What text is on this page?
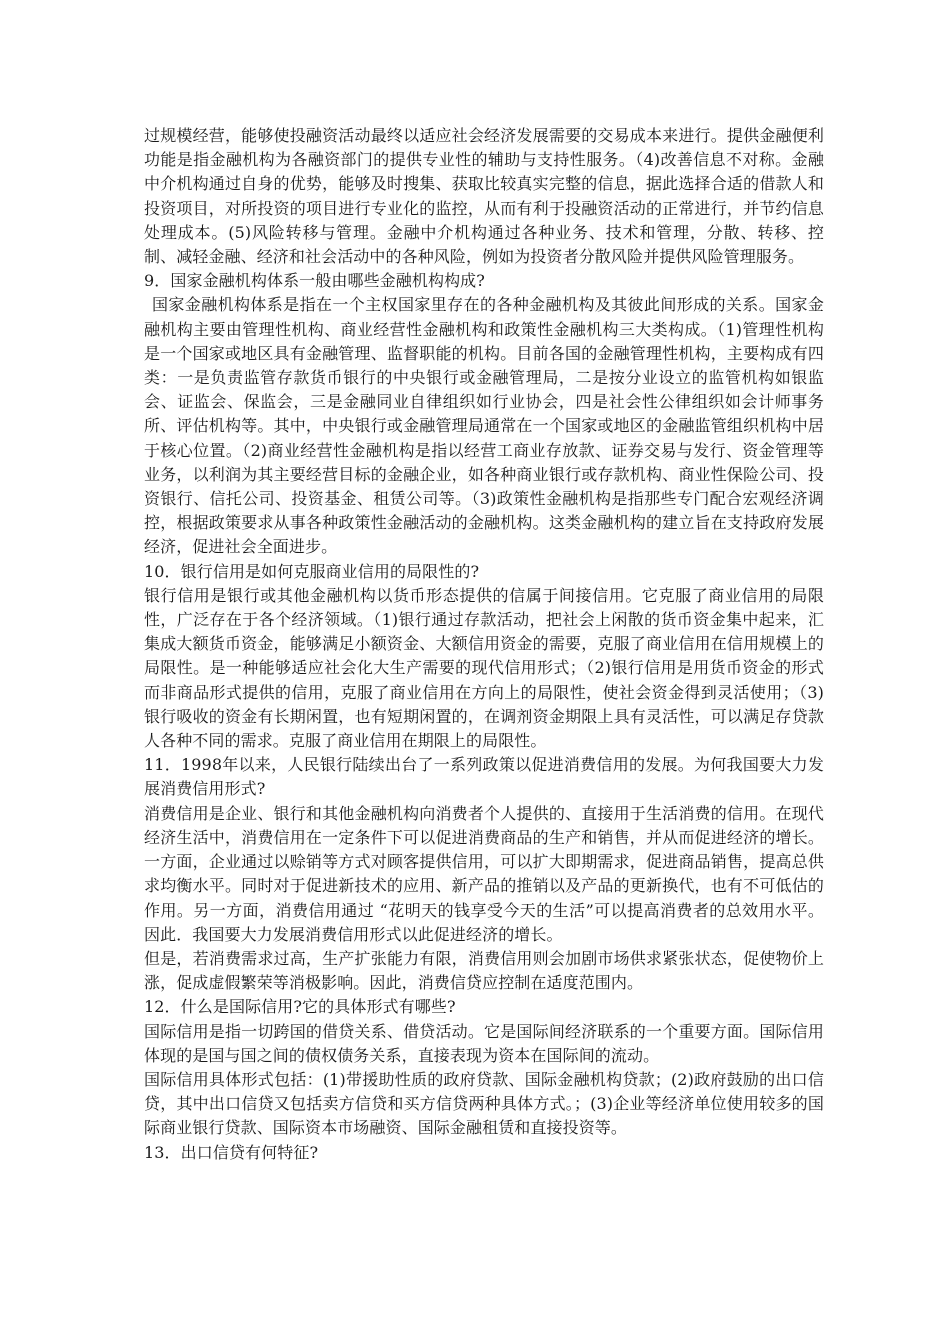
过规模经营，能够使投融资活动最终以适应社会经济发展需要的交易成本来进行。提供金融便利功能是指金融机构为各融资部门的提供专业性的辅助与支持性服务。（4)改善信息不对称。金融中介机构通过自身的优势，能够及时搜集、获取比较真实完整的信息，据此选择合适的借款人和投资项目，对所投资的项目进行专业化的监控，从而有利于投融资活动的正常进行，并节约信息处理成本。(5)风险转移与管理。金融中介机构通过各种业务、技术和管理，分散、转移、控制、减轻金融、经济和社会活动中的各种风险，例如为投资者分散风险并提供风险管理服务。

9．国家金融机构体系一般由哪些金融机构构成?

国家金融机构体系是指在一个主权国家里存在的各种金融机构及其彼此间形成的关系。国家金融机构主要由管理性机构、商业经营性金融机构和政策性金融机构三大类构成。（1)管理性机构是一个国家或地区具有金融管理、监督职能的机构。目前各国的金融管理性机构，主要构成有四类：一是负责监管存款货币银行的中央银行或金融管理局，二是按分业设立的监管机构如银监会、证监会、保监会，三是金融同业自律组织如行业协会，四是社会性公律组织如会计师事务所、评估机构等。其中，中央银行或金融管理局通常在一个国家或地区的金融监管组织机构中居于核心位置。（2)商业经营性金融机构是指以经营工商业存放款、证券交易与发行、资金管理等业务，以利润为其主要经营目标的金融企业，如各种商业银行或存款机构、商业性保险公司、投资银行、信托公司、投资基金、租赁公司等。（3)政策性金融机构是指那些专门配合宏观经济调控，根据政策要求从事各种政策性金融活动的金融机构。这类金融机构的建立旨在支持政府发展经济，促进社会全面进步。

10．银行信用是如何克服商业信用的局限性的?

银行信用是银行或其他金融机构以货币形态提供的信属于间接信用。它克服了商业信用的局限性，广泛存在于各个经济领域。（1)银行通过存款活动，把社会上闲散的货币资金集中起来，汇集成大额货币资金，能够满足小额资金、大额信用资金的需要，克服了商业信用在信用规模上的局限性。是一种能够适应社会化大生产需要的现代信用形式；（2)银行信用是用货币资金的形式而非商品形式提供的信用，克服了商业信用在方向上的局限性，使社会资金得到灵活使用；（3)银行吸收的资金有长期闲置，也有短期闲置的，在调剂资金期限上具有灵活性，可以满足存贷款人各种不同的需求。克服了商业信用在期限上的局限性。

11．1998年以来，人民银行陆续出台了一系列政策以促进消费信用的发展。为何我国要大力发展消费信用形式?

消费信用是企业、银行和其他金融机构向消费者个人提供的、直接用于生活消费的信用。在现代经济生活中，消费信用在一定条件下可以促进消费商品的生产和销售，并从而促进经济的增长。一方面，企业通过以赊销等方式对顾客提供信用，可以扩大即期需求，促进商品销售，提高总供求均衡水平。同时对于促进新技术的应用、新产品的推销以及产品的更新换代，也有不可低估的作用。另一方面，消费信用通过 “花明天的钱享受今天的生活”可以提高消费者的总效用水平。因此．我国要大力发展消费信用形式以此促进经济的增长。

但是，若消费需求过高，生产扩张能力有限，消费信用则会加剧市场供求紧张状态，促使物价上涨，促成虚假繁荣等消极影响。因此，消费信贷应控制在适度范围内。

12．什么是国际信用?它的具体形式有哪些?

国际信用是指一切跨国的借贷关系、借贷活动。它是国际间经济联系的一个重要方面。国际信用体现的是国与国之间的债权债务关系，直接表现为资本在国际间的流动。

国际信用具体形式包括：(1)带援助性质的政府贷款、国际金融机构贷款；(2)政府鼓励的出口信贷，其中出口信贷又包括卖方信贷和买方信贷两种具体方式。；(3)企业等经济单位使用较多的国际商业银行贷款、国际资本市场融资、国际金融租赁和直接投资等。

13．出口信贷有何特征?
